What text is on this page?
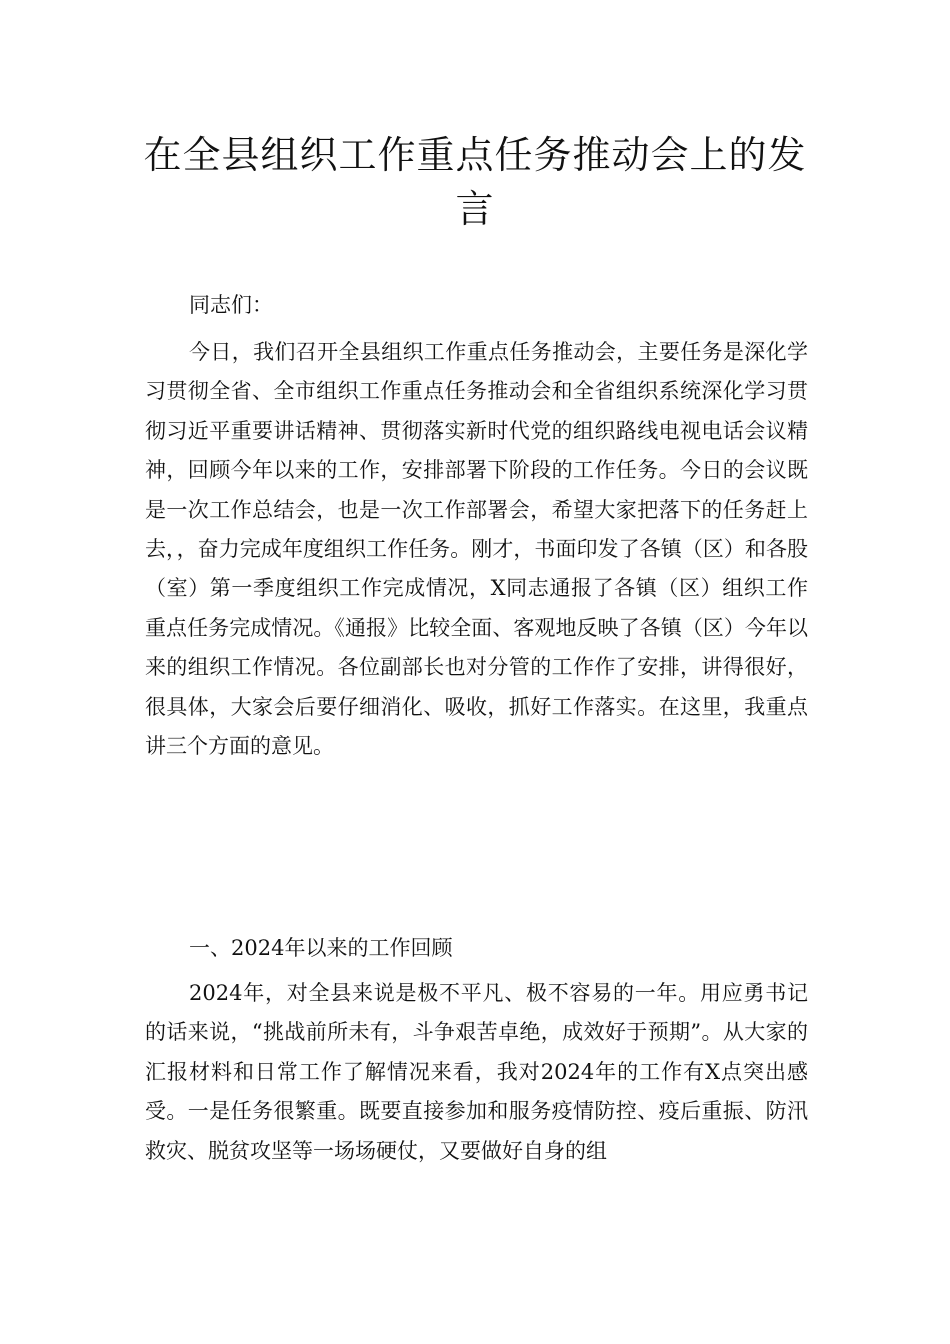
在全县组织工作重点任务推动会上的发言

同志们：

今日，我们召开全县组织工作重点任务推动会，主要任务是深化学习贯彻全省、全市组织工作重点任务推动会和全省组织系统深化学习贯彻习近平重要讲话精神、贯彻落实新时代党的组织路线电视电话会议精神，回顾今年以来的工作，安排部署下阶段的工作任务。今日的会议既是一次工作总结会，也是一次工作部署会，希望大家把落下的任务赶上去，，奋力完成年度组织工作任务。刚才，书面印发了各镇（区）和各股（室）第一季度组织工作完成情况，X同志通报了各镇（区）组织工作重点任务完成情况。《通报》比较全面、客观地反映了各镇（区）今年以来的组织工作情况。各位副部长也对分管的工作作了安排，讲得很好，很具体，大家会后要仔细消化、吸收，抓好工作落实。在这里，我重点讲三个方面的意见。

一、2024年以来的工作回顾

2024年，对全县来说是极不平凡、极不容易的一年。用应勇书记的话来说，“挑战前所未有，斗争艰苦卓绝，成效好于预期”。从大家的汇报材料和日常工作了解情况来看，我对2024年的工作有X点突出感受。一是任务很繁重。既要直接参加和服务疫情防控、疫后重振、防汛救灾、脱贫攻坚等一场场硬仗，又要做好自身的组
